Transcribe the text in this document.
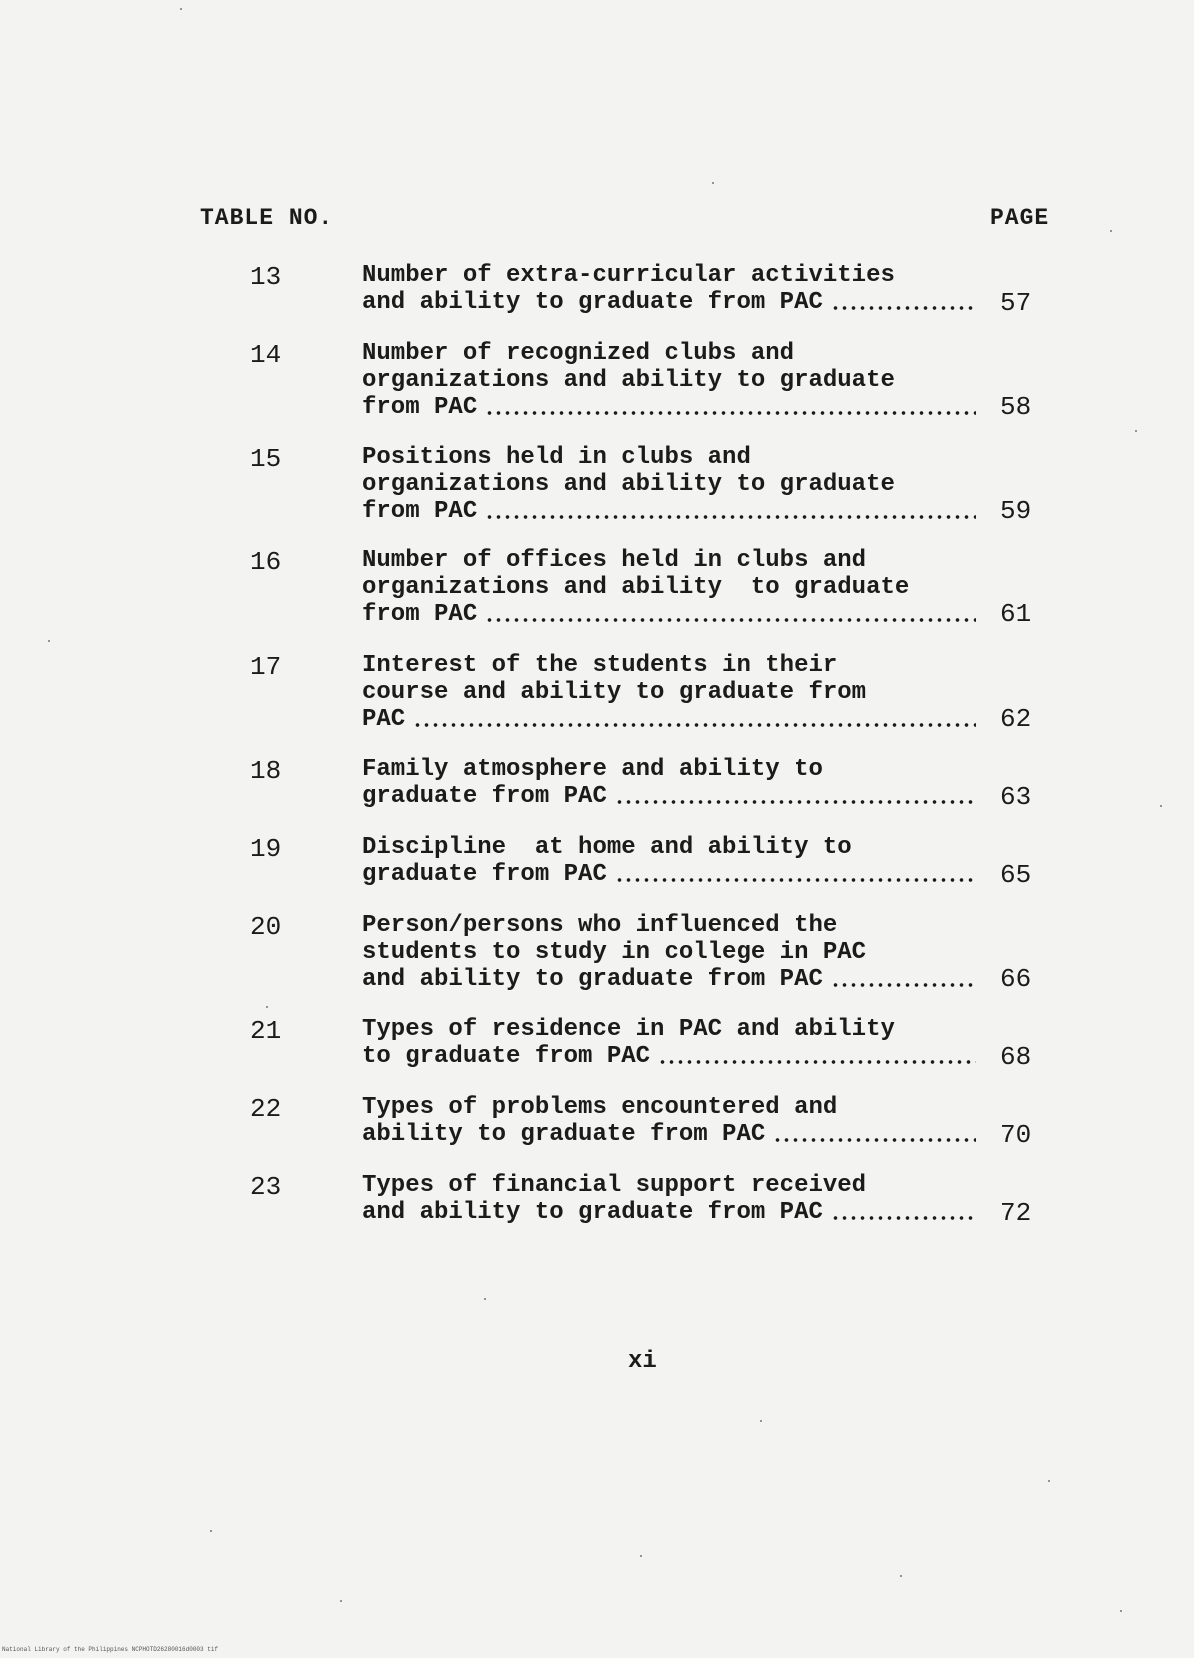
TABLE NO.	PAGE
13	Number of extra-curricular activities
and ability to graduate from PAC	57
14	Number of recognized clubs and
organizations and ability to graduate
from PAC	58
15	Positions held in clubs and
organizations and ability to graduate
from PAC	59
16	Number of offices held in clubs and
organizations and ability  to graduate
from PAC	61
17	Interest of the students in their
course and ability to graduate from
PAC	62
18	Family atmosphere and ability to
graduate from PAC	63
19	Discipline  at home and ability to
graduate from PAC	65
20	Person/persons who influenced the
students to study in college in PAC
and ability to graduate from PAC	66
21	Types of residence in PAC and ability
to graduate from PAC	68
22	Types of problems encountered and
ability to graduate from PAC	70
23	Types of financial support received
and ability to graduate from PAC	72
xi
National Library of the Philippines NCPHOTD26280016d0003 tif
